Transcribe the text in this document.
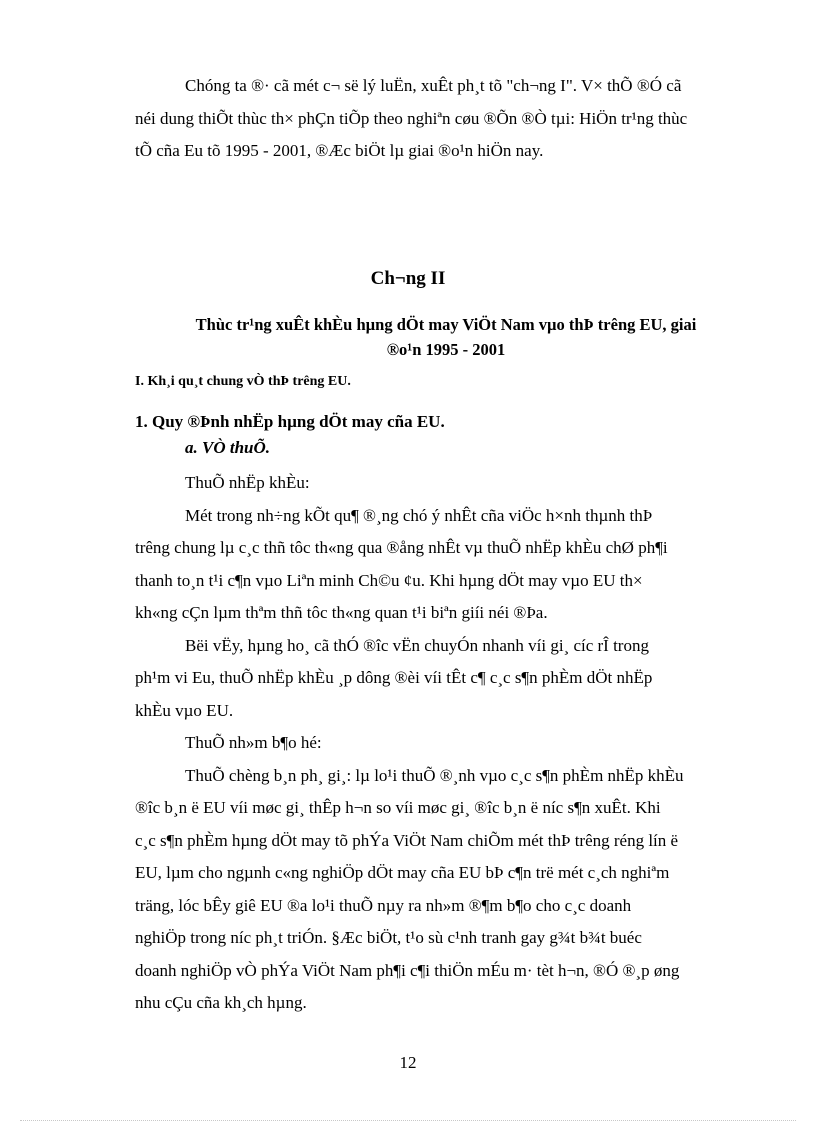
Chóng ta ®· cã mét c¬ së lý luËn, xuÊt ph¸t tõ "ch¬ng I". V× thÕ ®Ó cã

néi dung thiÕt thùc th× phÇn tiÕp theo nghiªn cøu ®Õn ®Ò tµi: HiÖn tr¹ng thùc

tÕ cña Eu tõ 1995 - 2001, ®Æc biÖt lµ giai ®o¹n hiÖn nay.

Ch¬ng II
Thùc tr¹ng xuÊt khÈu hµng dÖt may ViÖt Nam vµo thÞ trêng EU, giai
®o¹n 1995 - 2001
I. Kh¸i qu¸t chung vÒ thÞ trêng EU.
1. Quy ®Þnh nhËp hµng dÖt may cña EU.
a. VÒ thuÕ.

ThuÕ nhËp khÈu:

Mét trong nh÷ng kÕt qu¶ ®¸ng chó ý nhÊt cña viÖc h×nh thµnh thÞ

trêng chung lµ c¸c thñ tôc th«ng qua ®ång nhÊt vµ thuÕ nhËp khÈu chØ ph¶i

thanh to¸n t¹i c¶n vµo Liªn minh Ch©u ¢u. Khi hµng dÖt may vµo EU th×

kh«ng cÇn lµm thªm thñ tôc th«ng quan t¹i biªn giíi néi ®Þa.

Bëi vËy, hµng ho¸ cã thÓ ®îc vËn chuyÓn nhanh víi gi¸ cíc rÎ trong

ph¹m vi Eu, thuÕ nhËp khÈu ¸p dông ®èi víi tÊt c¶ c¸c s¶n phÈm dÖt nhËp

khÈu vµo EU.

ThuÕ nh»m b¶o hé:

ThuÕ chèng b¸n ph¸ gi¸: lµ lo¹i thuÕ ®¸nh vµo c¸c s¶n phÈm nhËp khÈu

®îc b¸n ë EU víi møc gi¸ thÊp h¬n so víi møc gi¸ ®îc b¸n ë níc s¶n xuÊt. Khi

c¸c s¶n phÈm hµng dÖt may tõ phÝa ViÖt Nam chiÕm mét thÞ trêng réng lín ë

EU, lµm cho ngµnh c«ng nghiÖp dÖt may cña EU bÞ c¶n trë mét c¸ch nghiªm

träng, lóc bÊy giê EU ®a lo¹i thuÕ nµy ra nh»m ®¶m b¶o cho c¸c doanh

nghiÖp trong níc ph¸t triÓn. §Æc biÖt, t¹o sù c¹nh tranh gay g¾t b¾t buéc

doanh nghiÖp vÒ phÝa ViÖt Nam ph¶i c¶i thiÖn mÉu m· tèt h¬n, ®Ó ®¸p øng

nhu cÇu cña kh¸ch hµng.

12
